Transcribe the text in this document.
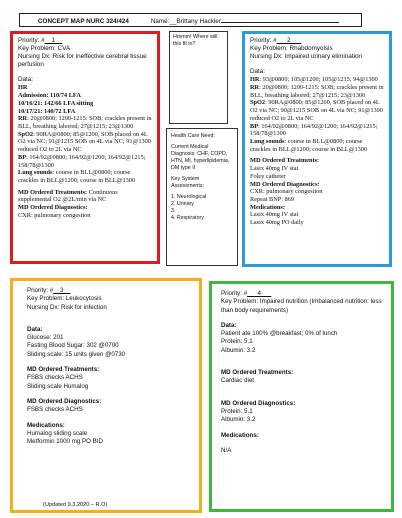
CONCEPT MAP NURC 324/424	Name:__Brittany Hackler
Priority: #__1__
Key Problem: CVA
Nursing Dx: Risk for ineffective cerebral tissue perfusion
Data:
HR
Admission: 110/74 LFA
10/16/21: 142/66 LFA sitting
10/17/21: 140/72 LFA
RR: 20@0800; 1200-1215: SOB; crackles present in BLL, breathing labored; 27@1215; 23@1300
SpO2: 90RA@0800; 85@1200, SOB placed on 4L O2 via NC; 91@1215 SOB on 4L via NC; 91@1300 reduced O2 to 2L via NC
BP: 164/92@0800; 164/92@1200; 164/92@1215; 158/78@1300
Lung sounds: course in BLL@0800; course crackles in BLL@1200; course in BLL@1300
MD Ordered Treatments: Continuous supplemental O2 @2L/min via NC
MD Ordered Diagnostics:
CXR: pulmonary congestion
Hmmm! Where will this fit in?
Health Care Need:
Current Medical Diagnosis: CHF, COPD, HTN, MI, hyperlipidemia, DM type II
Key System Assessments:
1. Neurological
2. Urinary
3.
4. Respiratory
Priority: #___2___
Key Problem: Rhabdomyolsis
Nursing Dx: Impaired urinary elimination
Data:
HR: 93@0800; 105@1200; 105@1215; 94@1300
RR: 20@0800; 1200-1215: SOB; crackles present in BLL, breathing labored; 27@1215; 23@1300
SpO2: 90RA@0800; 85@1200, SOB placed on 4L O2 via NC; 90@1215 SOB on 4L via NC; 91@1300 reduced O2 to 2L via NC
BP: 164/92@0800; 164/92@1200; 164/92@1215; 158/78@1300
Lung sounds: course in BLL@0800; course crackles in BLL@1200; course in BLL@1300
MD Ordered Treatments:
Lasix 40mg IV stat
Foley catheter
MD Ordered Diagnostics:
CXR: pulmonary congestion
Repeat BNP: 869
Medications:
Lasix 40mg IV stat
Lasix 40mg PO daily
Priority: #__3__
Key Problem: Leukocytosis
Nursing Dx: Risk for infection
Data:
Glucose: 201
Fasting Blood Sugar: 302 @0700
Sliding scale: 15 units given @0730
MD Ordered Treatments:
FSBS checks ACHS
Sliding scale Humalog
MD Ordered Diagnostics:
FSBS checks ACHS
Medications:
Humalog sliding scale
Metformin 1000 mg PO BID
Priority: #___4___
Key Problem: Impaired nutrition (Imbalanced nutrition: less than body requirements)
Data:
Patient ate 100% @breakfast; 0% of lunch
Protein: 5.1
Albumin: 3.2
MD Ordered Treatments:
Cardiac diet
MD Ordered Diagnostics:
Protein: 5.1
Albumin: 3.2
Medications:
N/A
(Updated 9.3.2020 – R.O)
